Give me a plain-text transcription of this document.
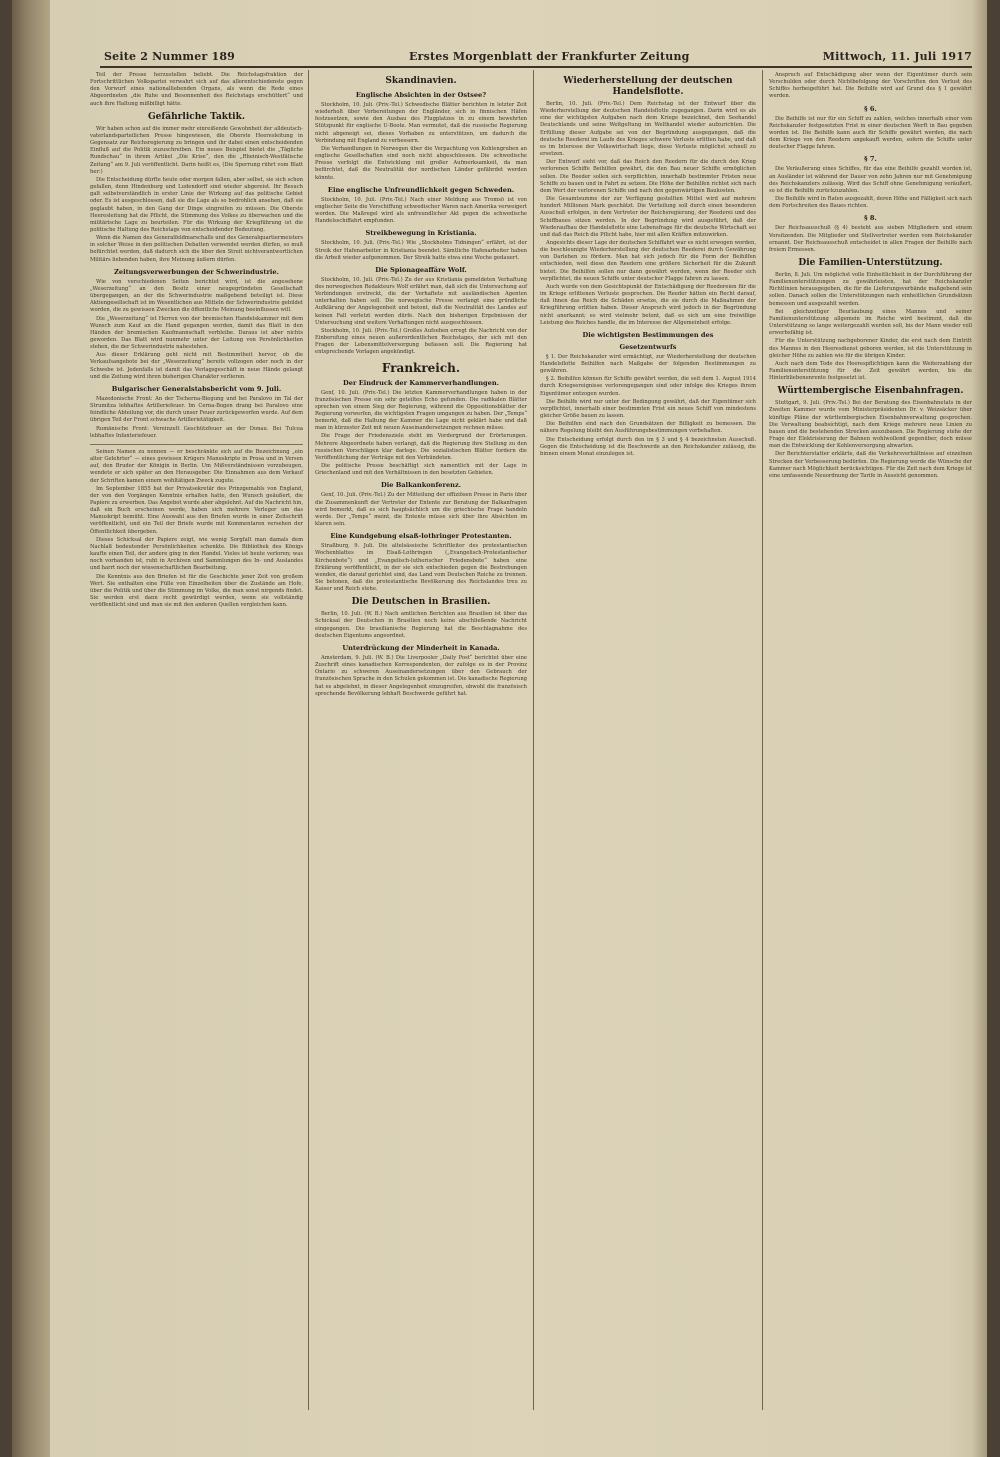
Seite 2 Nummer 189	Erstes Morgenblatt der Frankfurter Zeitung	Mittwoch, 11. Juli 1917
Teil der Presse herzustellen beliebt. Die Reichstagsfraktion der Fortschrittlichen Volkspartei verwahrt sich auf das allerentschiedenste gegen den Vorwurf eines nationalliebenden Organs, als wenn die Rede eines Abgeordneten „die Ruhe und Besonnenheit des Reichstags erschüttert“ und auch ihre Haltung mißbilligt hätte.
Gefährliche Taktik.
Wir haben schon auf die immer mehr einreißende Gewohnheit der alldeutsch-vaterlandsparteilichen Presse hingewiesen, die Oberste Heeresleitung in Gegensatz zur Reichsregierung zu bringen und ihr dabei einen entscheidenden Einfluß auf die Politik zuzuschreiben. Ein neues Beispiel bietet die „Tägliche Rundschau“ in ihrem Artikel „Die Krise“, den die „Rheinisch-Westfälische Zeitung“ am 9. Juli veröffentlicht. Darin heißt es, (Die Sperrung rührt vom Blatt her:)
Die Entscheidung dürfte heute oder morgen fallen, aber selbst, sie sich schon gefallen, denn Hindenburg und Ludendorff sind wieder abgereist. Ihr Besuch galt selbstverständlich in erster Linie der Wirkung auf das politische Gebiet oder. Es ist ausgeschlossen, daß sie die Lage als so bedrohlich ansehen, daß sie geglaubt haben, in den Gang der Dinge eingreifen zu müssen. Die Oberste Heeresleitung hat die Pflicht, die Stimmung des Volkes zu überwachen und die militärische Lage zu beurteilen. Für die Wirkung der Kriegführung ist die politische Haltung des Reichstags von entscheidender Bedeutung.
Wenn die Namen des Generalfeldmarschalls und des Generalquartiermeisters in solcher Weise in den politischen Debatten verwendet werden dürfen, so muß befürchtet werden, daß dadurch sich die über den Streit nichtverantwortlichen Militärs liebenden haben, ihre Meinung äußern dürfen.
Zeitungsverwerbungen der Schwerindustrie.
Wie von verschiedenen Seiten berichtet wird, ist die angesehene „Weserzeitung“ an den Besitz einer neugegründeten Gesellschaft übergegangen, an der die Schwerindustrie maßgebend beteiligt ist. Diese Aktiengesellschaft ist im Wesentlichen aus Mitteln der Schwerindustrie gebildet worden, die zu gewissen Zwecken die öffentliche Meinung beeinflussen will.
Die „Weserzeitung“ ist Herren von der bremischen Handelskammer mit dem Wunsch zum Kauf an die Hand gegangen worden, damit das Blatt in den Händen der bremischen Kaufmannschaft verbleibe. Daraus ist aber nichts geworden. Das Blatt wird nunmehr unter der Leitung von Persönlichkeiten stehen, die der Schwerindustrie nahestehen.
Aus dieser Erklärung geht nicht mit Bestimmtheit hervor, ob die Verkaufsangebote bei der „Weserzeitung“ bereits vollzogen oder noch in der Schwebe ist. Jedenfalls ist damit das Verlagsgeschäft in neue Hände gelangt und die Zeitung wird ihren bisherigen Charakter verlieren.
Bulgarischer Generalstabsbericht vom 9. Juli.
Mazedonische Front: An der Tscherna-Biegung und bei Paralovo im Tal der Strumitza lebhaftes Artilleriefeuer. Im Cerna-Bogen drang bei Paralovo eine feindliche Abteilung vor, die durch unser Feuer zurückgeworfen wurde. Auf dem übrigen Teil der Front schwache Artillerietätigkeit.
Rumänische Front: Vereinzelt Geschützfeuer an der Donau. Bei Tulcea lebhaftes Infanteriefeuer.
Seinen Namen zu nennen — er beschränkte sich auf die Bezeichnung „ein alter Gelehrter“ — eines gewissen Krügers Manuskripte in Prosa und in Versen auf, den Bruder der Königin in Berlin. Um Mißverständnissen vorzubeugen, wendete er sich später an den Herausgeber. Die Einnahmen aus dem Verkauf der Schriften kamen einem wohltätigen Zweck zugute.
Im September 1855 hat der Privatsekretär des Prinzgemahls von England, der von den Vorgängen Kenntnis erhalten hatte, den Wunsch geäußert, die Papiere zu erwerben. Das Angebot wurde aber abgelehnt. Auf die Nachricht hin, daß ein Buch erscheinen werde, haben sich mehrere Verleger um das Manuskript bemüht. Eine Auswahl aus den Briefen wurde in einer Zeitschrift veröffentlicht, und ein Teil der Briefe wurde mit Kommentaren versehen der Öffentlichkeit übergeben.
Dieses Schicksal der Papiere zeigt, wie wenig Sorgfalt man damals dem Nachlaß bedeutender Persönlichkeiten schenkte. Die Bibliothek des Königs kaufte einen Teil, der andere ging in den Handel. Vieles ist heute verloren; was noch vorhanden ist, ruht in Archiven und Sammlungen des In- und Auslandes und harrt noch der wissenschaftlichen Bearbeitung.
Die Kenntnis aus den Briefen ist für die Geschichte jener Zeit von großem Wert. Sie enthalten eine Fülle von Einzelheiten über die Zustände am Hofe, über die Politik und über die Stimmung im Volke, die man sonst nirgends findet. Sie werden erst dann recht gewürdigt werden, wenn sie vollständig veröffentlicht sind und man sie mit den anderen Quellen vergleichen kann.
Skandinavien.
Englische Absichten in der Ostsee?
Stockholm, 10. Juli. (Priv.-Tel.) Schwedische Blätter berichten in letzter Zeit wiederholt über Vorbereitungen der Engländer, sich in finnischen Häfen festzusetzen, sowie den Ausbau des Flugplatzes in zu einem bewehrten Stützpunkt für englische U-Boote. Man vermutet, daß die russische Regierung nicht abgeneigt sei, dieses Vorhaben zu unterstützen, um dadurch die Verbindung mit England zu verbessern.
Die Verhandlungen in Norwegen über die Verpachtung von Kohlengruben an englische Gesellschaften sind noch nicht abgeschlossen. Die schwedische Presse verfolgt die Entwicklung mit großer Aufmerksamkeit, da man befürchtet, daß die Neutralität der nordischen Länder gefährdet werden könnte.
Eine englische Unfreundlichkeit gegen Schweden.
Stockholm, 10. Juli. (Priv.-Tel.) Nach einer Meldung aus Tromsö ist von englischer Seite die Verschiffung schwedischer Waren nach Amerika verweigert worden. Die Maßregel wird als unfreundlicher Akt gegen die schwedische Handelsschiffahrt empfunden.
Streikbewegung in Kristiania.
Stockholm, 10. Juli. (Priv.-Tel.) Wie „Stockholms Tidningen“ erfährt, ist der Streik der Hafenarbeiter in Kristiania beendet. Sämtliche Hafenarbeiter haben die Arbeit wieder aufgenommen. Der Streik hatte etwa eine Woche gedauert.
Die Spionageaffäre Wolf.
Stockholm, 10. Juli. (Priv.-Tel.) Zu der aus Kristiania gemeldeten Verhaftung des norwegischen Redakteurs Wolf erfährt man, daß sich die Untersuchung auf Verbindungen erstreckt, die der Verhaftete mit ausländischen Agenten unterhalten haben soll. Die norwegische Presse verlangt eine gründliche Aufklärung der Angelegenheit und betont, daß die Neutralität des Landes auf keinen Fall verletzt werden dürfe. Nach den bisherigen Ergebnissen der Untersuchung sind weitere Verhaftungen nicht ausgeschlossen.
Stockholm, 10. Juli. (Priv.-Tel.) Großes Aufsehen erregt die Nachricht von der Einberufung eines neuen außerordentlichen Reichstages, der sich mit den Fragen der Lebensmittelversorgung befassen soll. Die Regierung hat entsprechende Vorlagen angekündigt.
Frankreich.
Der Eindruck der Kammerverhandlungen.
Genf, 10. Juli. (Priv.-Tel.) Die letzten Kammerverhandlungen haben in der französischen Presse ein sehr geteiltes Echo gefunden. Die radikalen Blätter sprechen von einem Sieg der Regierung, während die Oppositionsblätter der Regierung vorwerfen, die wichtigsten Fragen umgangen zu haben. Der „Temps“ bemerkt, daß die Haltung der Kammer die Lage nicht geklärt habe und daß man in kürzester Zeit mit neuen Auseinandersetzungen rechnen müsse.
Die Frage der Friedensziele steht im Vordergrund der Erörterungen. Mehrere Abgeordnete haben verlangt, daß die Regierung ihre Stellung zu den russischen Vorschlägen klar darlege. Die sozialistischen Blätter fordern die Veröffentlichung der Verträge mit den Verbündeten.
Die politische Presse beschäftigt sich namentlich mit der Lage in Griechenland und mit den Verhältnissen in den besetzten Gebieten.
Die Balkankonferenz.
Genf, 10. Juli. (Priv.-Tel.) Zu der Mitteilung der offiziösen Presse in Paris über die Zusammenkunft der Vertreter der Entente zur Beratung der Balkanfragen wird bemerkt, daß es sich hauptsächlich um die griechische Frage handeln werde. Der „Temps“ meint, die Entente müsse sich über ihre Absichten im klaren sein.
Eine Kundgebung elsaß-lothringer Protestanten.
Straßburg, 9. Juli. Die altelsässische Schriftleiter des protestantischen Wochenblattes im Elsaß-Lothringen („Evangelisch-Protestantischer Kirchenbote“) und „Evangelisch-lutherischer Friedensbote“ haben eine Erklärung veröffentlicht, in der sie sich entschieden gegen die Bestrebungen wenden, die darauf gerichtet sind, das Land vom Deutschen Reiche zu trennen. Sie betonen, daß die protestantische Bevölkerung des Reichslandes treu zu Kaiser und Reich stehe.
Die Deutschen in Brasilien.
Berlin, 10. Juli. (W. B.) Nach amtlichen Berichten aus Brasilien ist über das Schicksal der Deutschen in Brasilien noch keine abschließende Nachricht eingegangen. Die brasilianische Regierung hat die Beschlagnahme des deutschen Eigentums angeordnet.
Unterdrückung der Minderheit in Kanada.
Amsterdam, 9. Juli. (W. B.) Die Liverpooler „Daily Post“ berichtet über eine Zuschrift eines kanadischen Korrespondenten, der zufolge es in der Provinz Ontario zu schweren Auseinandersetzungen über den Gebrauch der französischen Sprache in den Schulen gekommen ist. Die kanadische Regierung hat es abgelehnt, in dieser Angelegenheit einzugreifen, obwohl die französisch sprechende Bevölkerung lebhaft Beschwerde geführt hat.
Wiederherstellung der deutschen Handelsflotte.
Berlin, 10. Juli. (Priv.-Tel.) Dem Reichstag ist der Entwurf über die Wiederherstellung der deutschen Handelsflotte zugegangen. Darin wird es als eine der wichtigsten Aufgaben nach dem Kriege bezeichnet, den Seehandel Deutschlands und seine Weltgeltung im Welthandel wieder aufzurichten. Die Erfüllung dieser Aufgabe sei von der Begründung ausgegangen, daß die deutsche Reederei im Laufe des Krieges schwere Verluste erlitten habe, und daß es im Interesse der Volkswirtschaft liege, diese Verluste möglichst schnell zu ersetzen.
Der Entwurf sieht vor, daß das Reich den Reedern für die durch den Krieg verlorenen Schiffe Beihilfen gewährt, die den Bau neuer Schiffe ermöglichen sollen. Die Reeder sollen sich verpflichten, innerhalb bestimmter Fristen neue Schiffe zu bauen und in Fahrt zu setzen. Die Höhe der Beihilfen richtet sich nach dem Wert der verlorenen Schiffe und nach den gegenwärtigen Baukosten.
Die Gesamtsumme der zur Verfügung gestellten Mittel wird auf mehrere hundert Millionen Mark geschätzt. Die Verteilung soll durch einen besonderen Ausschuß erfolgen, in dem Vertreter der Reichsregierung, der Reederei und des Schiffbaues sitzen werden. In der Begründung wird ausgeführt, daß der Wiederaufbau der Handelsflotte eine Lebensfrage für die deutsche Wirtschaft sei und daß das Reich die Pflicht habe, hier mit allen Kräften mitzuwirken.
Angesichts dieser Lage der deutschen Schiffahrt war es nicht erwogen worden, die beschleunigte Wiederherstellung der deutschen Reederei durch Gewährung von Darlehen zu fördern. Man hat sich jedoch für die Form der Beihilfen entschieden, weil diese den Reedern eine größere Sicherheit für die Zukunft bietet. Die Beihilfen sollen nur dann gewährt werden, wenn der Reeder sich verpflichtet, die neuen Schiffe unter deutscher Flagge fahren zu lassen.
Auch wurde von dem Gesichtspunkt der Entschädigung der Reedereien für die im Kriege erlittenen Verluste gesprochen. Die Reeder hätten ein Recht darauf, daß ihnen das Reich die Schäden ersetze, die sie durch die Maßnahmen der Kriegführung erlitten haben. Dieser Anspruch wird jedoch in der Begründung nicht anerkannt; es wird vielmehr betont, daß es sich um eine freiwillige Leistung des Reiches handle, die im Interesse der Allgemeinheit erfolge.
Die wichtigsten Bestimmungen des
Gesetzentwurfs
§ 1. Der Reichskanzler wird ermächtigt, zur Wiederherstellung der deutschen Handelsflotte Beihilfen nach Maßgabe der folgenden Bestimmungen zu gewähren.
§ 2. Beihilfen können für Schiffe gewährt werden, die seit dem 1. August 1914 durch Kriegsereignisse verlorengegangen sind oder infolge des Krieges ihrem Eigentümer entzogen wurden.
Die Beihilfe wird nur unter der Bedingung gewährt, daß der Eigentümer sich verpflichtet, innerhalb einer bestimmten Frist ein neues Schiff von mindestens gleicher Größe bauen zu lassen.
Die Beihilfen sind nach den Grundsätzen der Billigkeit zu bemessen. Die nähere Regelung bleibt den Ausführungsbestimmungen vorbehalten.
Die Entscheidung erfolgt durch den im § 3 und § 4 bezeichneten Ausschuß. Gegen die Entscheidung ist die Beschwerde an den Reichskanzler zulässig, die binnen einem Monat einzulegen ist.
Anspruch auf Entschädigung aber wenn der Eigentümer durch sein Verschulden oder durch Nichtbefolgung der Vorschriften den Verlust des Schiffes herbeigeführt hat. Die Beihilfe wird auf Grund des § 1 gewährt werden.
§ 6.
Die Beihilfe ist nur für ein Schiff zu zahlen, welches innerhalb einer vom Reichskanzler festgesetzten Frist in einer deutschen Werft in Bau gegeben worden ist. Die Beihilfe kann auch für Schiffe gewährt werden, die nach dem Kriege von den Reedern angekauft werden, sofern die Schiffe unter deutscher Flagge fahren.
§ 7.
Die Veräußerung eines Schiffes, für das eine Beihilfe gezahlt worden ist, an Ausländer ist während der Dauer von zehn Jahren nur mit Genehmigung des Reichskanzlers zulässig. Wird das Schiff ohne Genehmigung veräußert, so ist die Beihilfe zurückzuzahlen.
Die Beihilfe wird in Raten ausgezahlt, deren Höhe und Fälligkeit sich nach dem Fortschreiten des Baues richten.
§ 8.
Der Reichsausschuß (§ 4) besteht aus sieben Mitgliedern und einem Vorsitzenden. Die Mitglieder und Stellvertreter werden vom Reichskanzler ernannt. Der Reichsausschuß entscheidet in allen Fragen der Beihilfe nach freiem Ermessen.
Die Familien-Unterstützung.
Berlin, 8. Juli. Um möglichst volle Einheitlichkeit in der Durchführung der Familienunterstützungen zu gewährleisten, hat der Reichskanzler Richtlinien herausgegeben, die für die Lieferungsverbände maßgebend sein sollen. Danach sollen die Unterstützungen nach einheitlichen Grundsätzen bemessen und ausgezahlt werden.
Bei gleichzeitiger Beurlaubung eines Mannes und seiner Familienunterstützung allgemein im Reiche wird bestimmt, daß die Unterstützung so lange weitergezahlt werden soll, bis der Mann wieder voll erwerbsfähig ist.
Für die Unterstützung nachgeborener Kinder, die erst nach dem Eintritt des Mannes in den Heeresdienst geboren werden, ist die Unterstützung in gleicher Höhe zu zahlen wie für die übrigen Kinder.
Auch nach dem Tode des Heerespflichtigen kann die Weiterzahlung der Familienunterstützung für die Zeit gewährt werden, bis die Hinterbliebenenrente festgesetzt ist.
Württembergische Eisenbahnfragen.
Stuttgart, 9. Juli. (Priv.-Tel.) Bei der Beratung des Eisenbahnetats in der Zweiten Kammer wurde vom Ministerpräsidenten Dr. v. Weizsäcker über künftige Pläne der württembergischen Eisenbahnverwaltung gesprochen. Die Verwaltung beabsichtigt, nach dem Kriege mehrere neue Linien zu bauen und die bestehenden Strecken auszubauen. Die Regierung stehe der Frage der Elektrisierung der Bahnen wohlwollend gegenüber, doch müsse man die Entwicklung der Kohlenversorgung abwarten.
Der Berichterstatter erklärte, daß die Verkehrsverhältnisse auf einzelnen Strecken der Verbesserung bedürfen. Die Regierung werde die Wünsche der Kammer nach Möglichkeit berücksichtigen. Für die Zeit nach dem Kriege ist eine umfassende Neuordnung der Tarife in Aussicht genommen.
